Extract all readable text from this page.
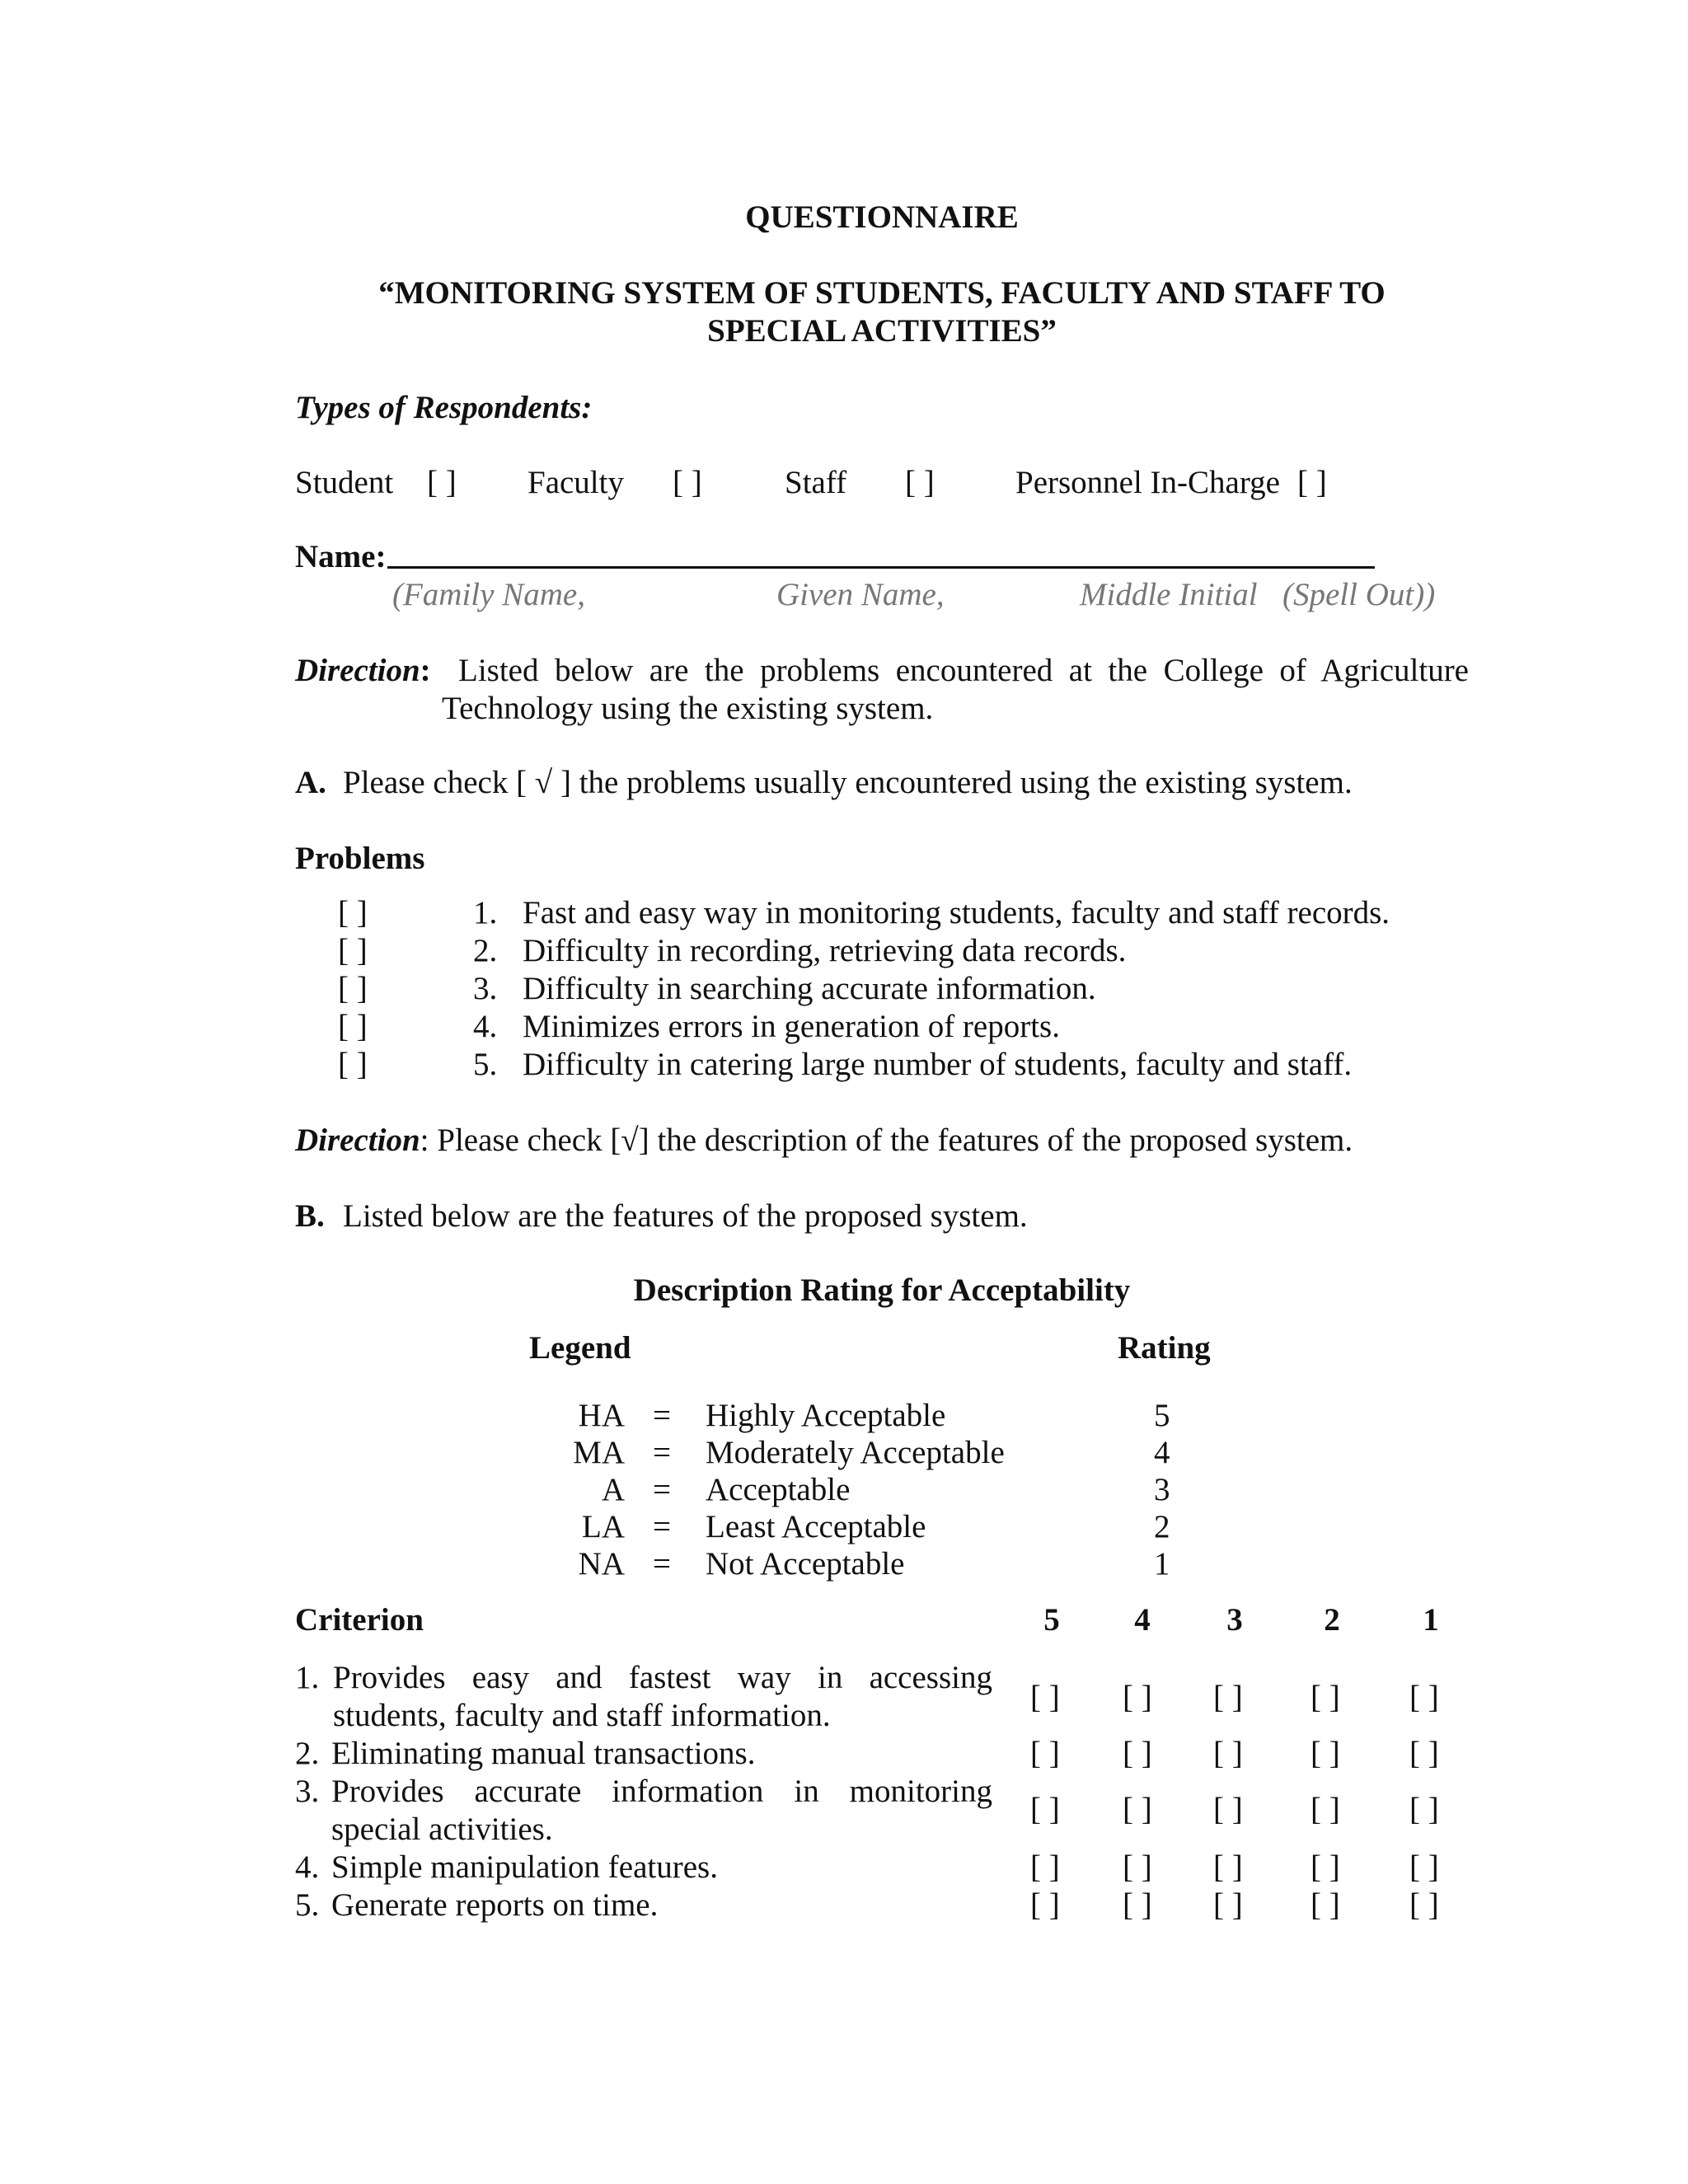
QUESTIONNAIRE
“MONITORING SYSTEM OF STUDENTS, FACULTY AND STAFF TO
SPECIAL ACTIVITIES”
Types of Respondents:
Student [ ] Faculty [ ]	Staff [ ]	Personnel In-Charge [ ]
Name:
(Family Name,	Given Name,	Middle Initial (Spell Out))
Direction: Listed below are the problems encountered at the College of Agriculture
Technology using the existing system.
A. Please check [ √ ] the problems usually encountered using the existing system.
Problems
[ ]	1. Fast and easy way in monitoring students, faculty and staff records.
[ ]	2. Difficulty in recording, retrieving data records.
[ ]	3. Difficulty in searching accurate information.
[ ]	4. Minimizes errors in generation of reports.
[ ]	5. Difficulty in catering large number of students, faculty and staff.
Direction: Please check [√] the description of the features of the proposed system.
B. Listed below are the features of the proposed system.
Description Rating for Acceptability
Legend	Rating
HA = Highly Acceptable	5
MA = Moderately Acceptable	4
A = Acceptable	3
LA = Least Acceptable	2
NA = Not Acceptable	1
Criterion	5	4	3	2	1
1. Provides easy and fastest way in accessing
students, faculty and staff information.
[ ] [ ] [ ] [ ] [ ]
2. Eliminating manual transactions.	[ ] [ ] [ ] [ ] [ ]
3. Provides accurate information in monitoring
special activities.
[ ] [ ] [ ] [ ] [ ]
4. Simple manipulation features.	[ ] [ ] [ ] [ ] [ ]
5. Generate reports on time.	[ ] [ ] [ ] [ ] [ ]
